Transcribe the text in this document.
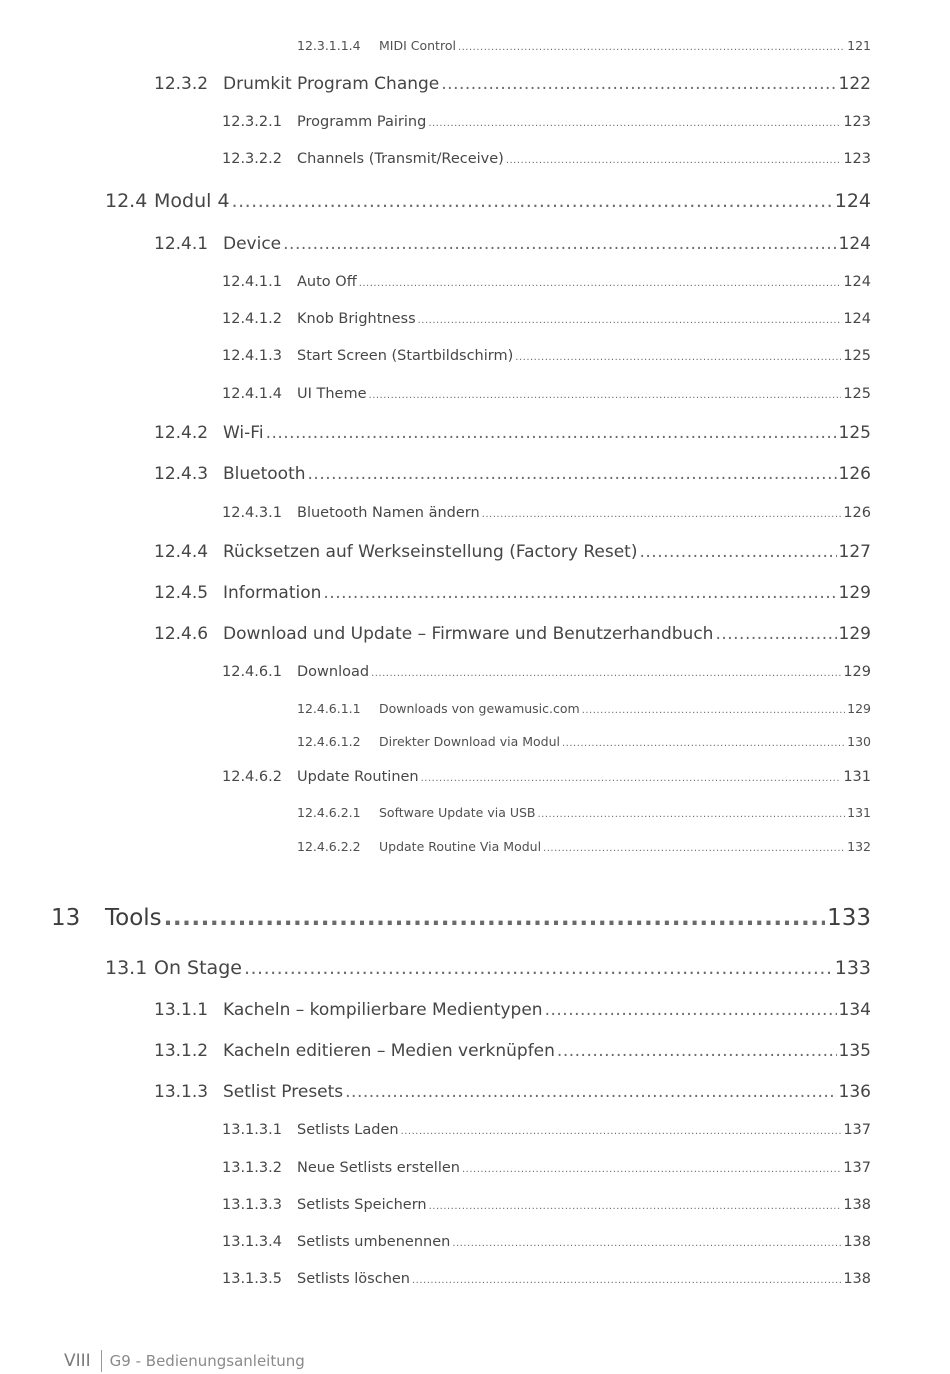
12.3.1.1.4	MIDI Control .....	121
12.3.2 Drumkit Program Change .....	122
12.3.2.1	Programm Pairing .....	123
12.3.2.2	Channels (Transmit/Receive) .....	123
12.4 Modul 4 .....	124
12.4.1 Device .....	124
12.4.1.1	Auto Off .....	124
12.4.1.2	Knob Brightness .....	124
12.4.1.3	Start Screen (Startbildschirm) .....	125
12.4.1.4	UI Theme .....	125
12.4.2 Wi-Fi .....	125
12.4.3 Bluetooth .....	126
12.4.3.1	Bluetooth Namen ändern .....	126
12.4.4 Rücksetzen auf Werkseinstellung (Factory Reset) .....	127
12.4.5 Information .....	129
12.4.6 Download und Update – Firmware und Benutzerhandbuch .....	129
12.4.6.1	Download .....	129
12.4.6.1.1	Downloads von gewamusic.com .....	129
12.4.6.1.2	Direkter Download via Modul .....	130
12.4.6.2	Update Routinen .....	131
12.4.6.2.1	Software Update via USB .....	131
12.4.6.2.2	Update Routine Via Modul .....	132
13	Tools .....	133
13.1 On Stage .....	133
13.1.1 Kacheln – kompilierbare Medientypen .....	134
13.1.2 Kacheln editieren – Medien verknüpfen .....	135
13.1.3 Setlist Presets .....	136
13.1.3.1	Setlists Laden .....	137
13.1.3.2	Neue Setlists erstellen .....	137
13.1.3.3	Setlists Speichern .....	138
13.1.3.4	Setlists umbenennen .....	138
13.1.3.5	Setlists löschen .....	138
VIII	G9 - Bedienungsanleitung
